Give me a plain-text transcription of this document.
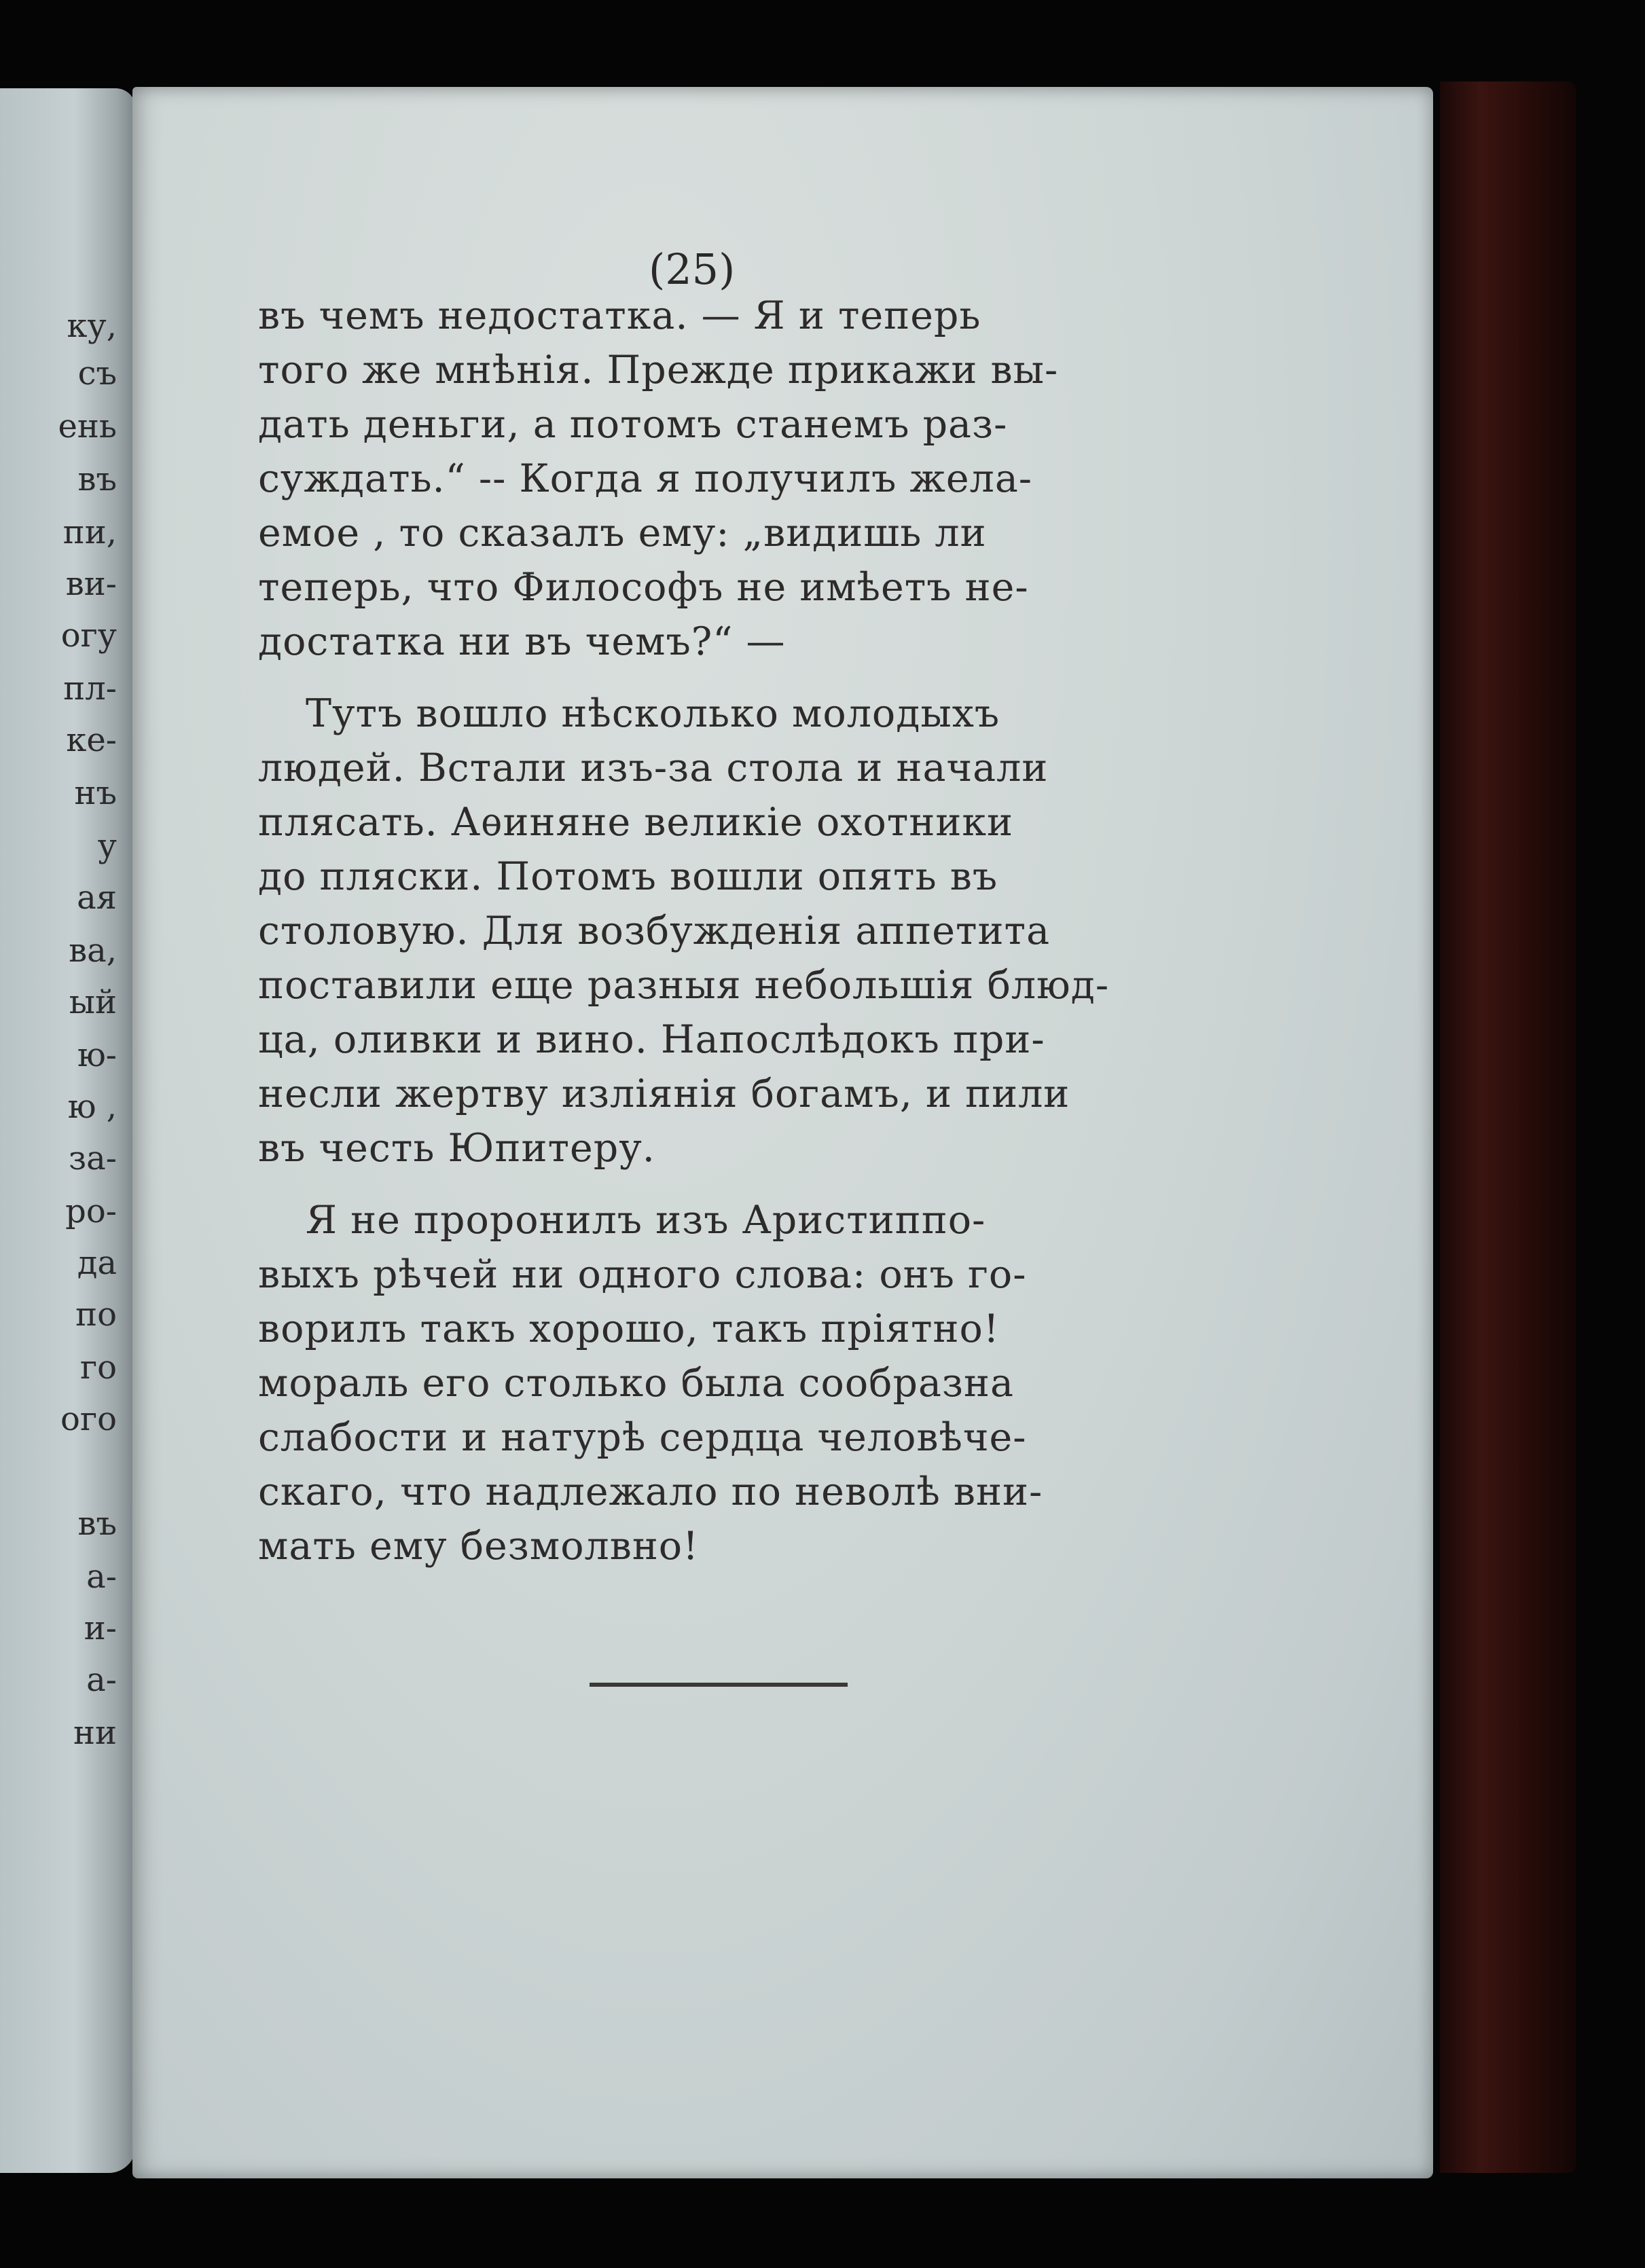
ку,
съ
ень
въ
пи,
ви-
огу
пл-
ке-
нъ
у
ая
ва,
ый
ю-
ю ,
за-
ро-
да
по
го
ого
въ
а-
и-
а-
ни
(25)
въ чемъ недостатка. — Я и теперь
того же мнѣнія. Прежде прикажи вы-
дать деньги, а потомъ станемъ раз-
суждать.“ -- Когда я получилъ жела-
емое , то сказалъ ему: „видишь ли
теперь, что Философъ не имѣетъ не-
достатка ни въ чемъ?“ —
Тутъ вошло нѣсколько молодыхъ
людей. Встали изъ-за стола и начали
плясать. Аѳиняне великіе охотники
до пляски. Потомъ вошли опять въ
столовую. Для возбужденія аппетита
поставили еще разныя небольшія блюд-
ца, оливки и вино. Напослѣдокъ при-
несли жертву изліянія богамъ, и пили
въ честь Юпитеру.
Я не проронилъ изъ Аристиппо-
выхъ рѣчей ни одного слова: онъ го-
ворилъ такъ хорошо, такъ пріятно!
мораль его столько была сообразна
слабости и натурѣ сердца человѣче-
скаго, что надлежало по неволѣ вни-
мать ему безмолвно!
